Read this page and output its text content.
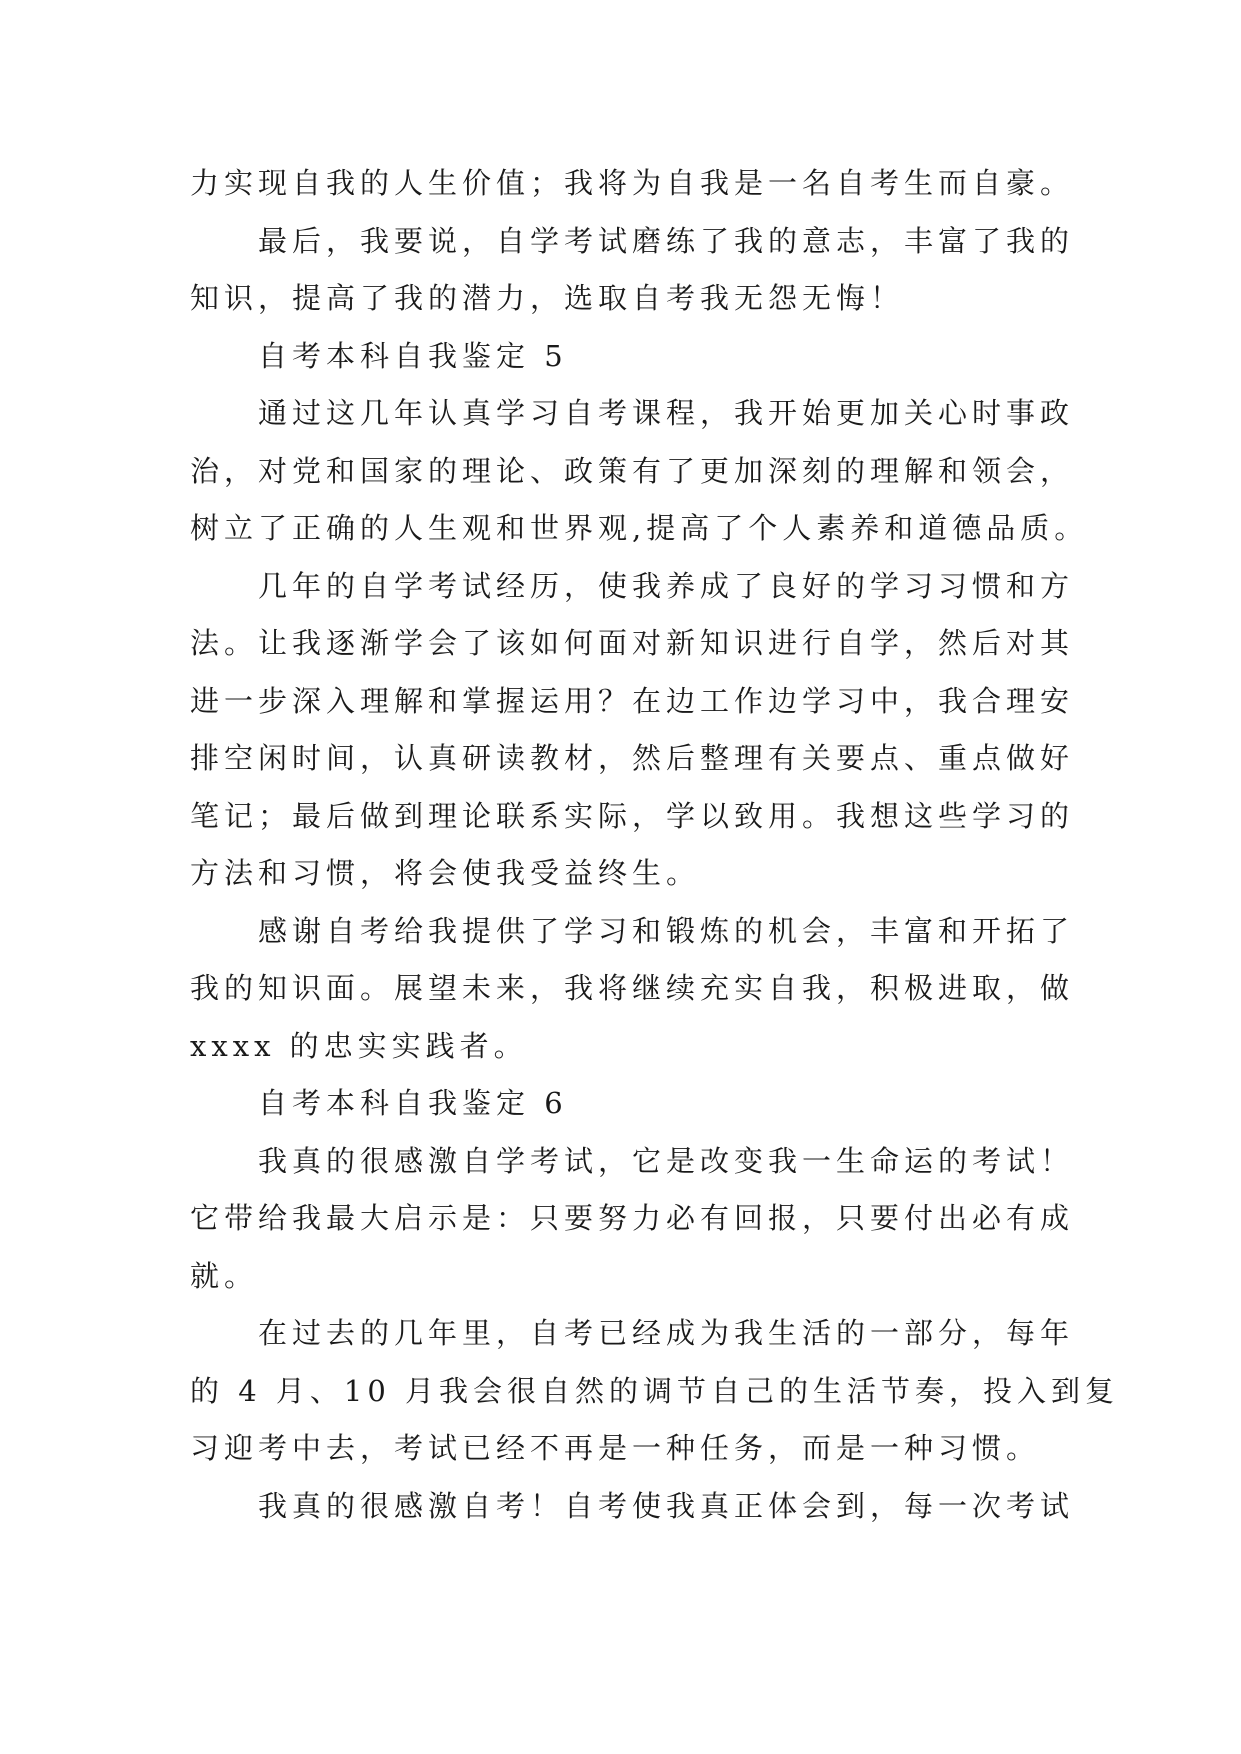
力实现自我的人生价值；我将为自我是一名自考生而自豪。
最后，我要说，自学考试磨练了我的意志，丰富了我的
知识，提高了我的潜力，选取自考我无怨无悔！
自考本科自我鉴定 5
通过这几年认真学习自考课程，我开始更加关心时事政
治，对党和国家的理论、政策有了更加深刻的理解和领会，
树立了正确的人生观和世界观,提高了个人素养和道德品质。
几年的自学考试经历，使我养成了良好的学习习惯和方
法。让我逐渐学会了该如何面对新知识进行自学，然后对其
进一步深入理解和掌握运用？在边工作边学习中，我合理安
排空闲时间，认真研读教材，然后整理有关要点、重点做好
笔记；最后做到理论联系实际，学以致用。我想这些学习的
方法和习惯，将会使我受益终生。
感谢自考给我提供了学习和锻炼的机会，丰富和开拓了
我的知识面。展望未来，我将继续充实自我，积极进取，做
xxxx 的忠实实践者。
自考本科自我鉴定 6
我真的很感激自学考试，它是改变我一生命运的考试！
它带给我最大启示是：只要努力必有回报，只要付出必有成
就。
在过去的几年里，自考已经成为我生活的一部分，每年
的 4 月、10 月我会很自然的调节自己的生活节奏，投入到复
习迎考中去，考试已经不再是一种任务，而是一种习惯。
我真的很感激自考！自考使我真正体会到，每一次考试
